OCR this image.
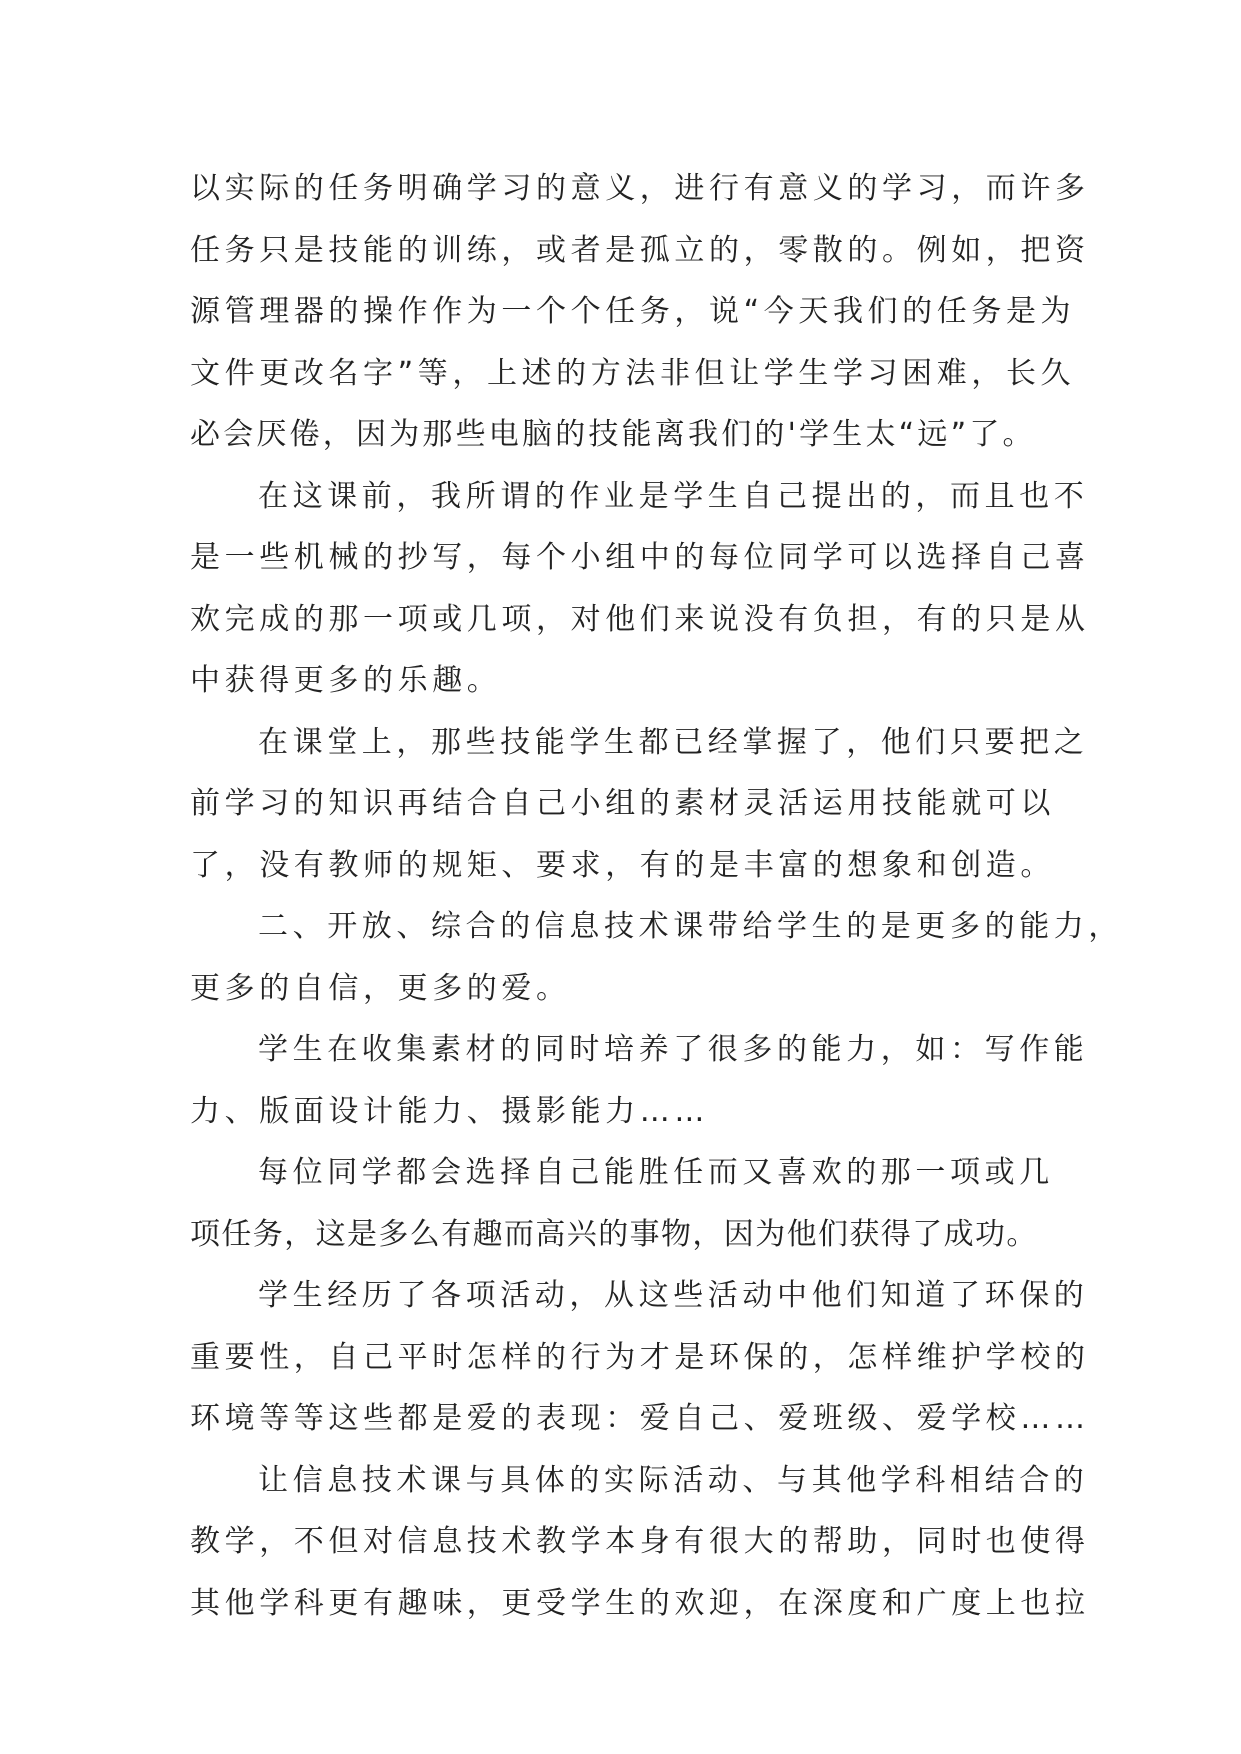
以实际的任务明确学习的意义，进行有意义的学习，而许多
任务只是技能的训练，或者是孤立的，零散的。例如，把资
源管理器的操作作为一个个任务，说“今天我们的任务是为
文件更改名字”等，上述的方法非但让学生学习困难，长久
必会厌倦，因为那些电脑的技能离我们的'学生太“远”了。
在这课前，我所谓的作业是学生自己提出的，而且也不
是一些机械的抄写，每个小组中的每位同学可以选择自己喜
欢完成的那一项或几项，对他们来说没有负担，有的只是从
中获得更多的乐趣。
在课堂上，那些技能学生都已经掌握了，他们只要把之
前学习的知识再结合自己小组的素材灵活运用技能就可以
了，没有教师的规矩、要求，有的是丰富的想象和创造。
二、开放、综合的信息技术课带给学生的是更多的能力，
更多的自信，更多的爱。
学生在收集素材的同时培养了很多的能力，如：写作能
力、版面设计能力、摄影能力……
每位同学都会选择自己能胜任而又喜欢的那一项或几
项任务，这是多么有趣而高兴的事物，因为他们获得了成功。
学生经历了各项活动，从这些活动中他们知道了环保的
重要性，自己平时怎样的行为才是环保的，怎样维护学校的
环境等等这些都是爱的表现：爱自己、爱班级、爱学校……
让信息技术课与具体的实际活动、与其他学科相结合的
教学，不但对信息技术教学本身有很大的帮助，同时也使得
其他学科更有趣味，更受学生的欢迎，在深度和广度上也拉
